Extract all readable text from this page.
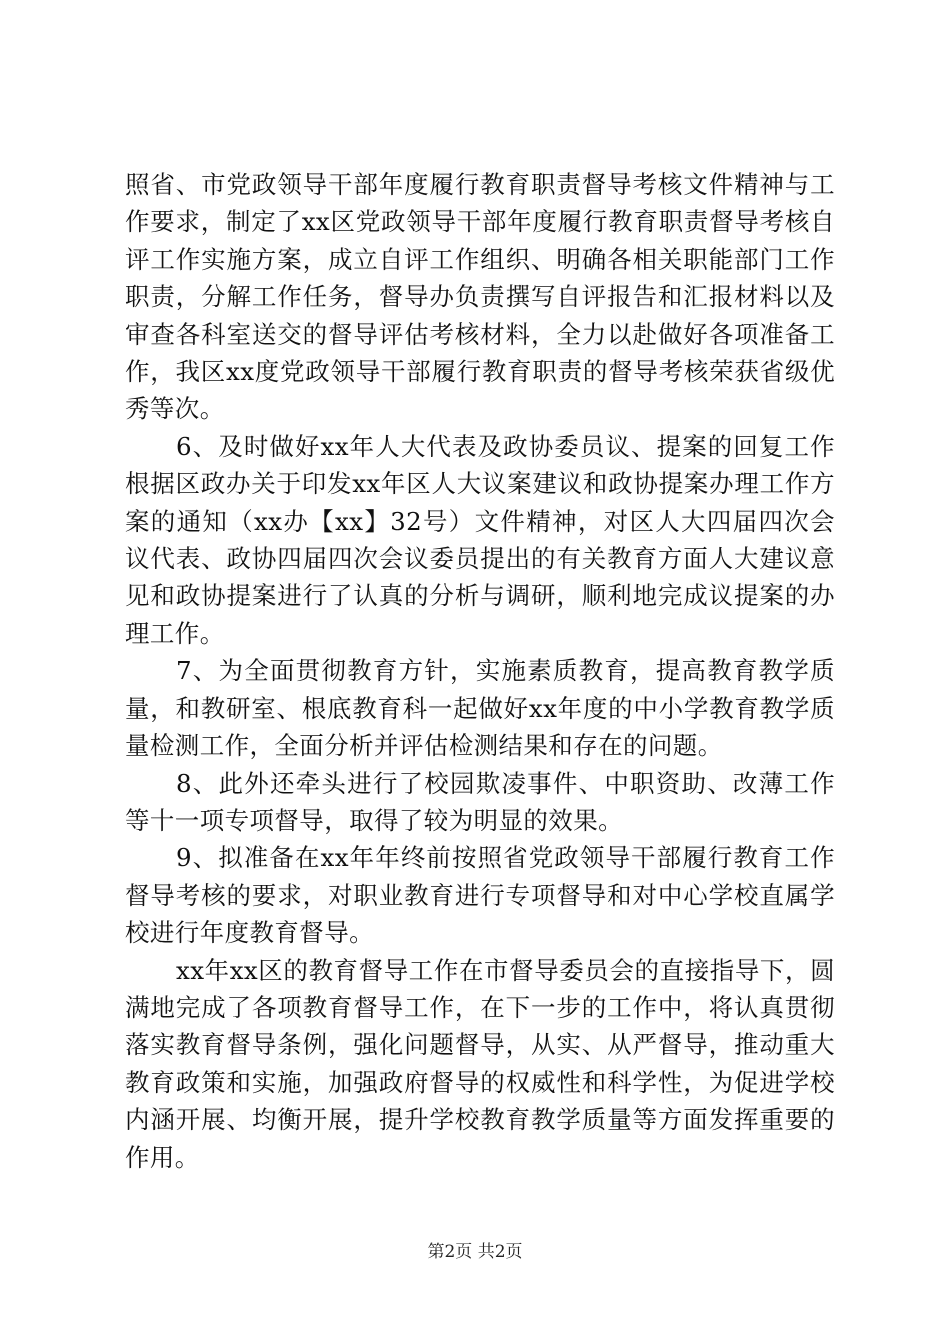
照省、市党政领导干部年度履行教育职责督导考核文件精神与工作要求，制定了xx区党政领导干部年度履行教育职责督导考核自评工作实施方案，成立自评工作组织、明确各相关职能部门工作职责，分解工作任务，督导办负责撰写自评报告和汇报材料以及审查各科室送交的督导评估考核材料，全力以赴做好各项准备工作，我区xx度党政领导干部履行教育职责的督导考核荣获省级优秀等次。

6、及时做好xx年人大代表及政协委员议、提案的回复工作根据区政办关于印发xx年区人大议案建议和政协提案办理工作方案的通知（xx办【xx】32号）文件精神，对区人大四届四次会议代表、政协四届四次会议委员提出的有关教育方面人大建议意见和政协提案进行了认真的分析与调研，顺利地完成议提案的办理工作。

7、为全面贯彻教育方针，实施素质教育，提高教育教学质量，和教研室、根底教育科一起做好xx年度的中小学教育教学质量检测工作，全面分析并评估检测结果和存在的问题。

8、此外还牵头进行了校园欺凌事件、中职资助、改薄工作等十一项专项督导，取得了较为明显的效果。

9、拟准备在xx年年终前按照省党政领导干部履行教育工作督导考核的要求，对职业教育进行专项督导和对中心学校直属学校进行年度教育督导。

xx年xx区的教育督导工作在市督导委员会的直接指导下，圆满地完成了各项教育督导工作，在下一步的工作中，将认真贯彻落实教育督导条例，强化问题督导，从实、从严督导，推动重大教育政策和实施，加强政府督导的权威性和科学性，为促进学校内涵开展、均衡开展，提升学校教育教学质量等方面发挥重要的作用。

第2页 共2页
